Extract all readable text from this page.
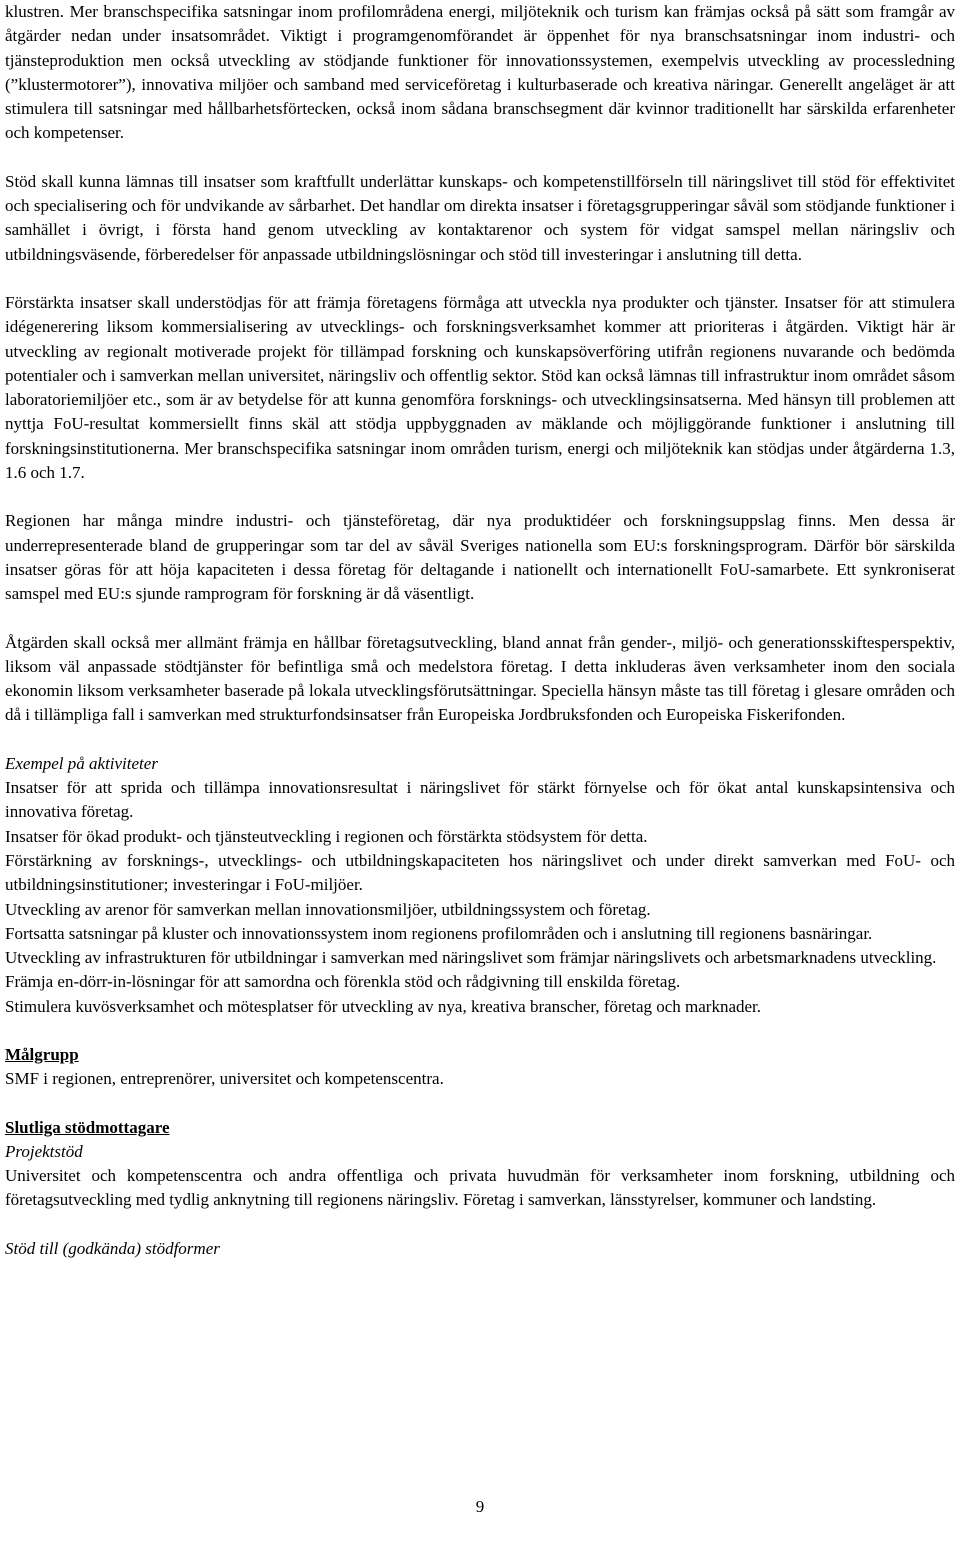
klustren. Mer branschspecifika satsningar inom profilområdena energi, miljöteknik och turism kan främjas också på sätt som framgår av åtgärder nedan under insatsområdet. Viktigt i programgenomförandet är öppenhet för nya branschsatsningar inom industri- och tjänsteproduktion men också utveckling av stödjande funktioner för innovationssystemen, exempelvis utveckling av processledning (”klustermotorer”), innovativa miljöer och samband med serviceföretag i kulturbaserade och kreativa näringar. Generellt angeläget är att stimulera till satsningar med hållbarhetsförtecken, också inom sådana branschsegment där kvinnor traditionellt har särskilda erfarenheter och kompetenser.

Stöd skall kunna lämnas till insatser som kraftfullt underlättar kunskaps- och kompetenstillförseln till näringslivet till stöd för effektivitet och specialisering och för undvikande av sårbarhet. Det handlar om direkta insatser i företagsgrupperingar såväl som stödjande funktioner i samhället i övrigt, i första hand genom utveckling av kontaktarenor och system för vidgat samspel mellan näringsliv och utbildningsväsende, förberedelser för anpassade utbildningslösningar och stöd till investeringar i anslutning till detta.

Förstärkta insatser skall understödjas för att främja företagens förmåga att utveckla nya produkter och tjänster. Insatser för att stimulera idégenerering liksom kommersialisering av utvecklings- och forskningsverksamhet kommer att prioriteras i åtgärden. Viktigt här är utveckling av regionalt motiverade projekt för tillämpad forskning och kunskapsöverföring utifrån regionens nuvarande och bedömda potentialer och i samverkan mellan universitet, näringsliv och offentlig sektor. Stöd kan också lämnas till infrastruktur inom området såsom laboratoriemiljöer etc., som är av betydelse för att kunna genomföra forsknings- och utvecklingsinsatserna. Med hänsyn till problemen att nyttja FoU-resultat kommersiellt finns skäl att stödja uppbyggnaden av mäklande och möjliggörande funktioner i anslutning till forskningsinstitutionerna. Mer branschspecifika satsningar inom områden turism, energi och miljöteknik kan stödjas under åtgärderna 1.3, 1.6 och 1.7.

Regionen har många mindre industri- och tjänsteföretag, där nya produktidéer och forskningsuppslag finns. Men dessa är underrepresenterade bland de grupperingar som tar del av såväl Sveriges nationella som EU:s forskningsprogram. Därför bör särskilda insatser göras för att höja kapaciteten i dessa företag för deltagande i nationellt och internationellt FoU-samarbete. Ett synkroniserat samspel med EU:s sjunde ramprogram för forskning är då väsentligt.

Åtgärden skall också mer allmänt främja en hållbar företagsutveckling, bland annat från gender-, miljö- och generationsskiftesperspektiv, liksom väl anpassade stödtjänster för befintliga små och medelstora företag. I detta inkluderas även verksamheter inom den sociala ekonomin liksom verksamheter baserade på lokala utvecklingsförutsättningar. Speciella hänsyn måste tas till företag i glesare områden och då i tillämpliga fall i samverkan med strukturfondsinsatser från Europeiska Jordbruksfonden och Europeiska Fiskerifonden.

Exempel på aktiviteter

Insatser för att sprida och tillämpa innovationsresultat i näringslivet för stärkt förnyelse och för ökat antal kunskapsintensiva och innovativa företag.

Insatser för ökad produkt- och tjänsteutveckling i regionen och förstärkta stödsystem för detta.

Förstärkning av forsknings-, utvecklings- och utbildningskapaciteten hos näringslivet och under direkt samverkan med FoU- och utbildningsinstitutioner; investeringar i FoU-miljöer.

Utveckling av arenor för samverkan mellan innovationsmiljöer, utbildningssystem och företag.

Fortsatta satsningar på kluster och innovationssystem inom regionens profilområden och i anslutning till regionens basnäringar.

Utveckling av infrastrukturen för utbildningar i samverkan med näringslivet som främjar näringslivets och arbetsmarknadens utveckling.

Främja en-dörr-in-lösningar för att samordna och förenkla stöd och rådgivning till enskilda företag.

Stimulera kuvösverksamhet och mötesplatser för utveckling av nya, kreativa branscher, företag och marknader.

Målgrupp

SMF i regionen, entreprenörer, universitet och kompetenscentra.

Slutliga stödmottagare

Projektstöd

Universitet och kompetenscentra och andra offentliga och privata huvudmän för verksamheter inom forskning, utbildning och företagsutveckling med tydlig anknytning till regionens näringsliv. Företag i samverkan, länsstyrelser, kommuner och landsting.

Stöd till (godkända) stödformer

9
